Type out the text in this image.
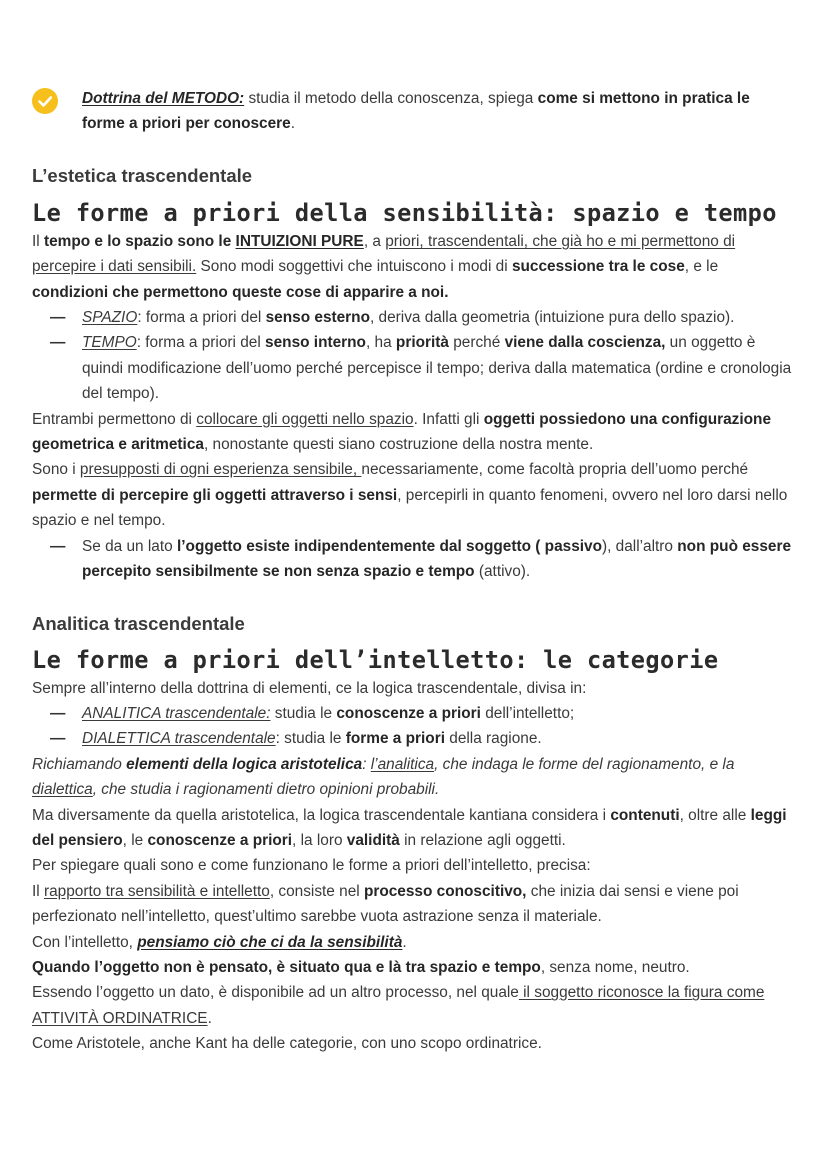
Dottrina del METODO: studia il metodo della conoscenza, spiega come si mettono in pratica le forme a priori per conoscere.

L’estetica trascendentale
Le forme a priori della sensibilità: spazio e tempo

Il tempo e lo spazio sono le INTUIZIONI PURE, a priori, trascendentali, che già ho e mi permettono di percepire i dati sensibili. Sono modi soggettivi che intuiscono i modi di successione tra le cose, e le condizioni che permettono queste cose di apparire a noi.

— SPAZIO: forma a priori del senso esterno, deriva dalla geometria (intuizione pura dello spazio).

— TEMPO: forma a priori del senso interno, ha priorità perché viene dalla coscienza, un oggetto è quindi modificazione dell’uomo perché percepisce il tempo; deriva dalla matematica (ordine e cronologia del tempo).

Entrambi permettono di collocare gli oggetti nello spazio. Infatti gli oggetti possiedono una configurazione geometrica e aritmetica, nonostante questi siano costruzione della nostra mente.

Sono i presupposti di ogni esperienza sensibile, necessariamente, come facoltà propria dell’uomo perché permette di percepire gli oggetti attraverso i sensi, percepirli in quanto fenomeni, ovvero nel loro darsi nello spazio e nel tempo.

— Se da un lato l’oggetto esiste indipendentemente dal soggetto ( passivo), dall’altro non può essere percepito sensibilmente se non senza spazio e tempo (attivo).

Analitica trascendentale
Le forme a priori dell’intelletto: le categorie

Sempre all’interno della dottrina di elementi, ce la logica trascendentale, divisa in:

— ANALITICA trascendentale: studia le conoscenze a priori dell’intelletto;

— DIALETTICA trascendentale: studia le forme a priori della ragione.

Richiamando elementi della logica aristotelica: l’analitica, che indaga le forme del ragionamento, e la dialettica, che studia i ragionamenti dietro opinioni probabili.

Ma diversamente da quella aristotelica, la logica trascendentale kantiana considera i contenuti, oltre alle leggi del pensiero, le conoscenze a priori, la loro validità in relazione agli oggetti.

Per spiegare quali sono e come funzionano le forme a priori dell’intelletto, precisa:

Il rapporto tra sensibilità e intelletto, consiste nel processo conoscitivo, che inizia dai sensi e viene poi perfezionato nell’intelletto, quest’ultimo sarebbe vuota astrazione senza il materiale.

Con l’intelletto, pensiamo ciò che ci da la sensibilità.

Quando l’oggetto non è pensato, è situato qua e là tra spazio e tempo, senza nome, neutro.

Essendo l’oggetto un dato, è disponibile ad un altro processo, nel quale il soggetto riconosce la figura come ATTIVITÀ ORDINATRICE.

Come Aristotele, anche Kant ha delle categorie, con uno scopo ordinatrice.
